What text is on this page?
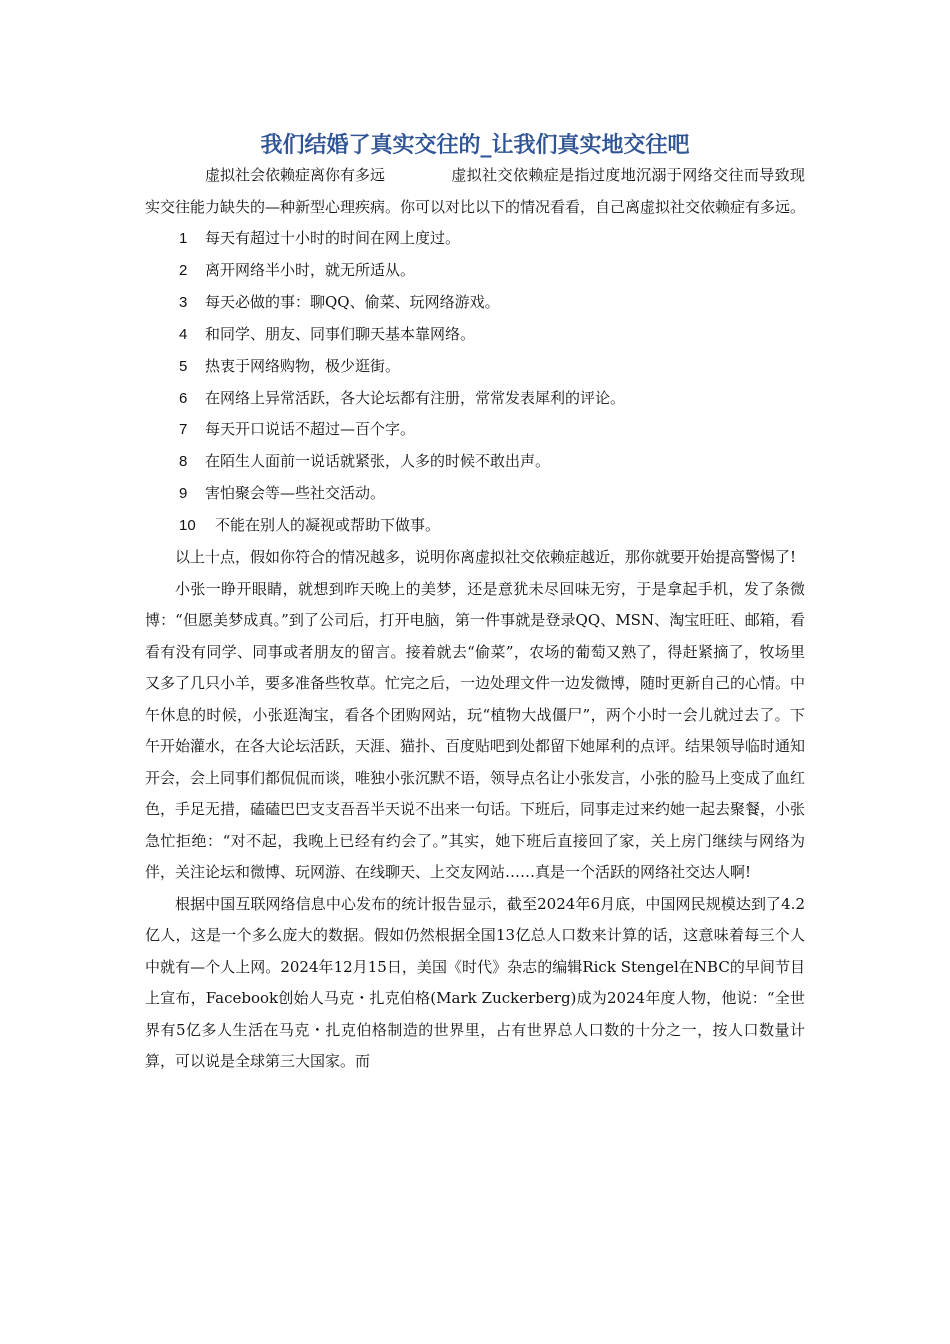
我们结婚了真实交往的_让我们真实地交往吧

虚拟社会依赖症离你有多远	虚拟社交依赖症是指过度地沉溺于网络交往而导致现实交往能力缺失的—种新型心理疾病。你可以对比以下的情况看看，自己离虚拟社交依赖症有多远。

1 每天有超过十小时的时间在网上度过。
2 离开网络半小时，就无所适从。
3 每天必做的事：聊QQ、偷菜、玩网络游戏。
4 和同学、朋友、同事们聊天基本靠网络。
5 热衷于网络购物，极少逛街。
6 在网络上异常活跃，各大论坛都有注册，常常发表犀利的评论。
7 每天开口说话不超过—百个字。
8 在陌生人面前一说话就紧张，人多的时候不敢出声。
9 害怕聚会等—些社交活动。
10 不能在别人的凝视或帮助下做事。

以上十点，假如你符合的情况越多，说明你离虚拟社交依赖症越近，那你就要开始提高警惕了!

小张一睁开眼睛，就想到昨天晚上的美梦，还是意犹未尽回味无穷，于是拿起手机，发了条微博：“但愿美梦成真。”到了公司后，打开电脑，第一件事就是登录QQ、MSN、淘宝旺旺、邮箱，看看有没有同学、同事或者朋友的留言。接着就去“偷菜”，农场的葡萄又熟了，得赶紧摘了，牧场里又多了几只小羊，要多准备些牧草。忙完之后，一边处理文件一边发微博，随时更新自己的心情。中午休息的时候，小张逛淘宝，看各个团购网站，玩“植物大战僵尸”，两个小时一会儿就过去了。下午开始灌水，在各大论坛活跃，天涯、猫扑、百度贴吧到处都留下她犀利的点评。结果领导临时通知开会，会上同事们都侃侃而谈，唯独小张沉默不语，领导点名让小张发言，小张的脸马上变成了血红色，手足无措，磕磕巴巴支支吾吾半天说不出来一句话。下班后，同事走过来约她一起去聚餐，小张急忙拒绝：“对不起，我晚上已经有约会了。”其实，她下班后直接回了家，关上房门继续与网络为伴，关注论坛和微博、玩网游、在线聊天、上交友网站……真是一个活跃的网络社交达人啊!

根据中国互联网络信息中心发布的统计报告显示，截至2024年6月底，中国网民规模达到了4.2亿人，这是一个多么庞大的数据。假如仍然根据全国13亿总人口数来计算的话，这意味着每三个人中就有—个人上网。2024年12月15日，美国《时代》杂志的编辑Rick Stengel在NBC的早间节目上宣布，Facebook创始人马克・扎克伯格(Mark Zuckerberg)成为2024年度人物，他说：“全世界有5亿多人生活在马克・扎克伯格制造的世界里，占有世界总人口数的十分之一，按人口数量计算，可以说是全球第三大国家。而
